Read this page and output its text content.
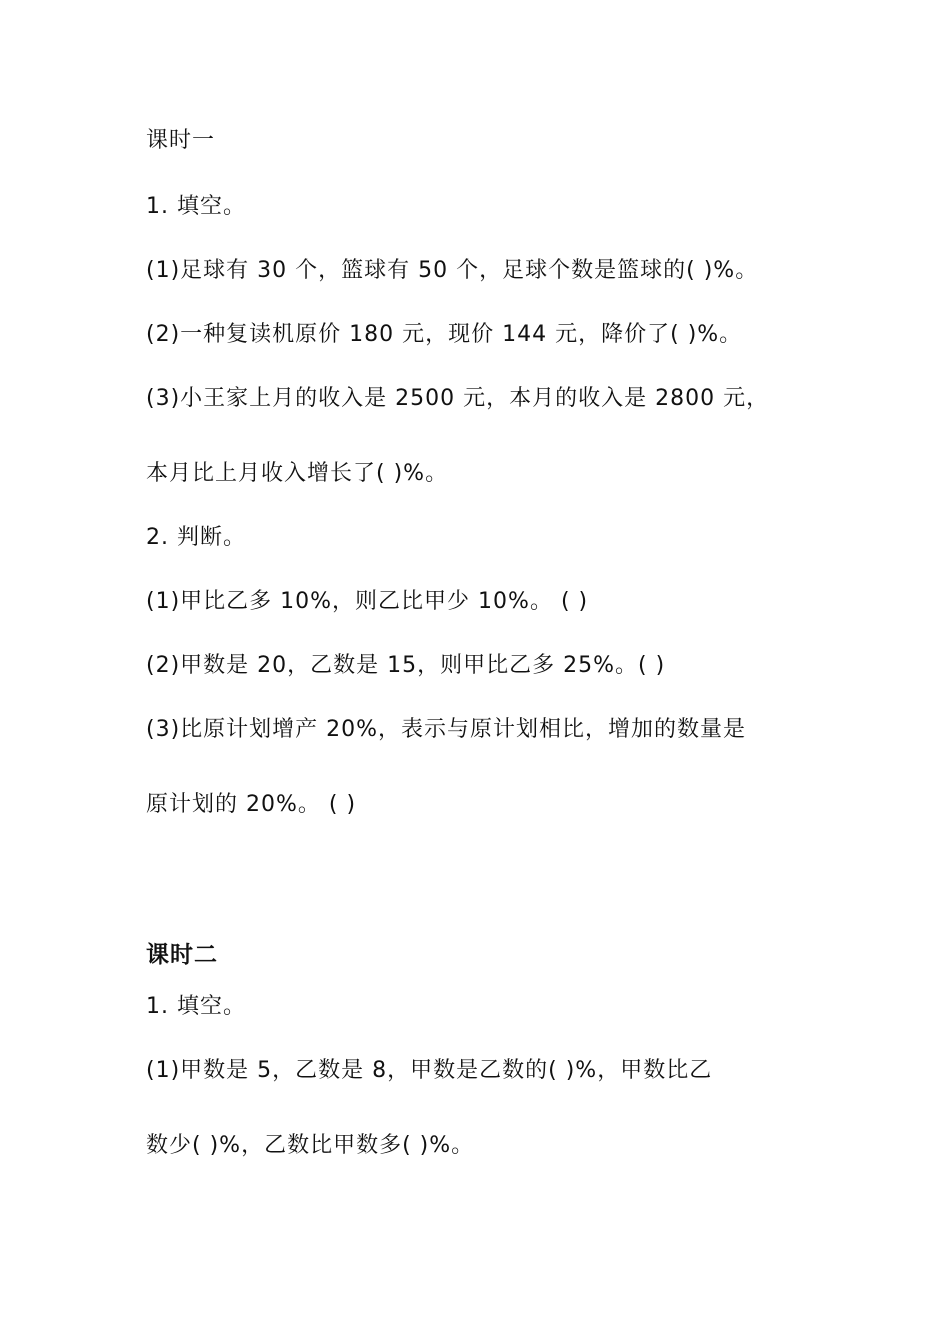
课时一
1. 填空。
(1)足球有 30 个，篮球有 50 个，足球个数是篮球的( )%。
(2)一种复读机原价 180 元，现价 144 元，降价了( )%。
(3)小王家上月的收入是 2500 元，本月的收入是 2800 元，
本月比上月收入增长了( )%。
2. 判断。
(1)甲比乙多 10%，则乙比甲少 10%。 ( )
(2)甲数是 20，乙数是 15，则甲比乙多 25%。( )
(3)比原计划增产 20%，表示与原计划相比，增加的数量是
原计划的 20%。 ( )
课时二
1. 填空。
(1)甲数是 5，乙数是 8，甲数是乙数的( )%，甲数比乙
数少( )%，乙数比甲数多( )%。
